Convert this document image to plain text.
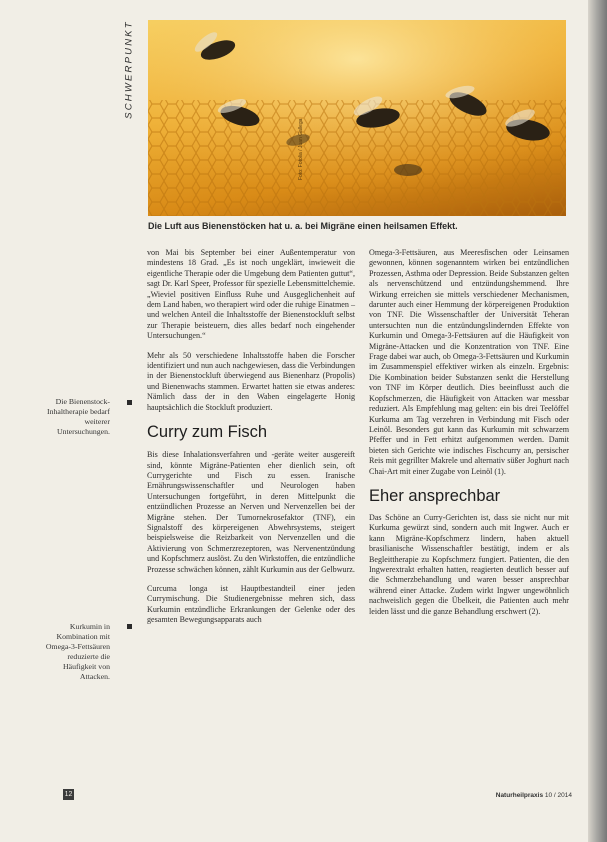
SCHWERPUNKT
Foto: Fotolia / Juan Gallega
Die Luft aus Bienenstöcken hat u. a. bei Migräne einen heilsamen Effekt.

von Mai bis September bei einer Außentemperatur von mindestens 18 Grad. „Es ist noch ungeklärt, inwieweit die eigentliche Therapie oder die Umgebung dem Patienten guttut“, sagt Dr. Karl Speer, Professor für spezielle Lebensmittelchemie. „Wieviel positiven Einfluss Ruhe und Ausgeglichenheit auf dem Land haben, wo therapiert wird oder die ruhige Einatmen – und welchen Anteil die Inhaltsstoffe der Bienenstockluft selbst zur Therapie beisteuern, dies alles bedarf noch eingehender Untersuchungen.“

Mehr als 50 verschiedene Inhaltsstoffe haben die Forscher identifiziert und nun auch nachgewiesen, dass die Verbindungen in der Bienenstockluft überwiegend aus Bienenharz (Propolis) und Bienenwachs stammen. Erwartet hatten sie etwas anderes: Nämlich dass der in den Waben eingelagerte Honig hauptsächlich die Stockluft produziert.

Curry zum Fisch

Bis diese Inhalationsverfahren und -geräte weiter ausgereift sind, könnte Migräne-Patienten eher dienlich sein, oft Currygerichte und Fisch zu essen. Iranische Ernährungswissenschaftler und Neurologen haben Untersuchungen fortgeführt, in deren Mittelpunkt die entzündlichen Prozesse an Nerven und Nervenzellen bei der Migräne stehen. Der Tumornekrosefaktor (TNF), ein Signalstoff des körpereigenen Abwehrsystems, steigert beispielsweise die Reizbarkeit von Nervenzellen und die Aktivierung von Schmerzrezeptoren, was Nervenentzündung und Kopfschmerz auslöst. Zu den Wirkstoffen, die entzündliche Prozesse schwächen können, zählt Kurkumin aus der Gelbwurz.

Curcuma longa ist Hauptbestandteil einer jeden Currymischung. Die Studienergebnisse mehren sich, dass Kurkumin entzündliche Erkrankungen der Gelenke oder des gesamten Bewegungsapparats auch

Omega-3-Fettsäuren, aus Meeresfischen oder Leinsamen gewonnen, können sogenanntem wirken bei entzündlichen Prozessen, Asthma oder Depression. Beide Substanzen gelten als nervenschützend und entzündungshemmend. Ihre Wirkung erreichen sie mittels verschiedener Mechanismen, darunter auch einer Hemmung der körpereigenen Produktion von TNF. Die Wissenschaftler der Universität Teheran untersuchten nun die entzündungslindernden Effekte von Kurkumin und Omega-3-Fettsäuren auf die Häufigkeit von Migräne-Attacken und die Konzentration von TNF. Eine Frage dabei war auch, ob Omega-3-Fettsäuren und Kurkumin im Zusammenspiel effektiver wirken als einzeln. Ergebnis: Die Kombination beider Substanzen senkt die Herstellung von TNF im Körper deutlich. Dies beeinflusst auch die Kopfschmerzen, die Häufigkeit von Attacken war messbar reduziert. Als Empfehlung mag gelten: ein bis drei Teelöffel Kurkuma am Tag verzehren in Verbindung mit Fisch oder Leinöl. Besonders gut kann das Kurkumin mit schwarzem Pfeffer und in Fett erhitzt aufgenommen werden. Damit bieten sich Gerichte wie indisches Fischcurry an, persischer Reis mit gegrillter Makrele und alternativ süßer Joghurt nach Chai-Art mit einer Zugabe von Leinöl (1).

Eher ansprechbar

Das Schöne an Curry-Gerichten ist, dass sie nicht nur mit Kurkuma gewürzt sind, sondern auch mit Ingwer. Auch er kann Migräne-Kopfschmerz lindern, haben aktuell brasilianische Wissenschaftler bestätigt, indem er als Begleittherapie zu Kopfschmerz fungiert. Patienten, die den Ingwerextrakt erhalten hatten, reagierten deutlich besser auf die Schmerzbehandlung und waren besser ansprechbar während einer Attacke. Zudem wirkt Ingwer ungewöhnlich nachweislich gegen die Übelkeit, die Patienten auch mehr leiden lässt und die ganze Behandlung erschwert (2).

Die Bienenstock-Inhaltherapie bedarf weiterer Untersuchungen.
Kurkumin in Kombination mit Omega-3-Fettsäuren reduzierte die Häufigkeit von Attacken.
12	Naturheilpraxis 10 / 2014
